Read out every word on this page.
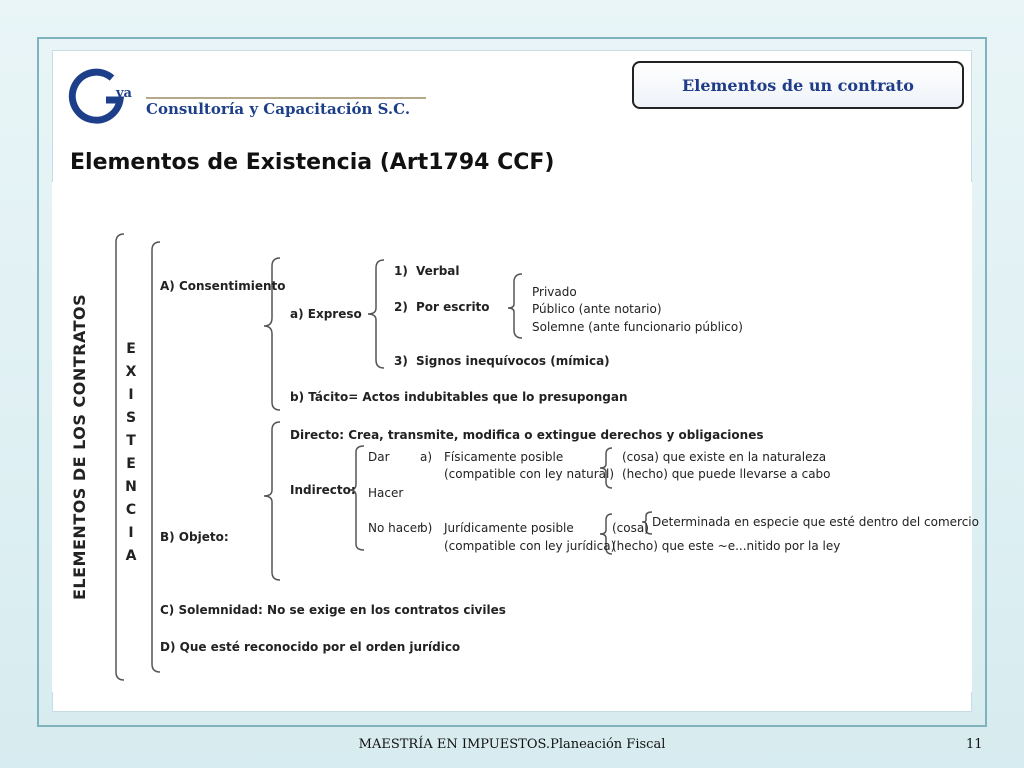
va
Consultoría y Capacitación S.C.
Elementos de un contrato
Elementos de Existencia (Art1794 CCF)
ELEMENTOS DE LOS CONTRATOS	E
X
I
S
T
E
N
C
I
A
A) Consentimiento
a) Expreso
1) Verbal
2) Por escrito
3) Signos inequívocos (mímica)
Privado
Público (ante notario)
Solemne (ante funcionario público)
b) Tácito= Actos indubitables que lo presupongan
B) Objeto:
Directo: Crea, transmite, modifica o extingue derechos y obligaciones
Indirecto:
Dar	a) Físicamente posible
(compatible con ley natural)
(cosa) que existe en la naturaleza
(hecho) que puede llevarse a cabo
Hacer
No hacer
b) Jurídicamente posible
(compatible con ley jurídica)
(cosa)
(hecho) que este ~e...nitido por la ley
Determinada en especie que esté dentro del comercio
C) Solemnidad: No se exige en los contratos civiles
D) Que esté reconocido por el orden jurídico
MAESTRÍA EN IMPUESTOS.Planeación Fiscal	11
